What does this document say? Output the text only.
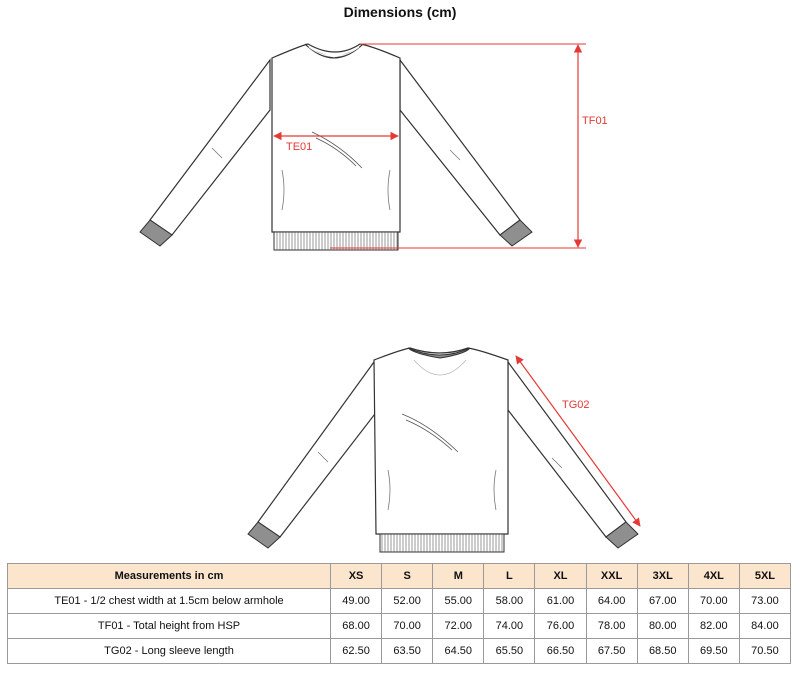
Dimensions (cm)
TE01
TF01
TG02
Measurements in cm	XS	S	M	L	XL	XXL	3XL	4XL	5XL
TE01 - 1/2 chest width at 1.5cm below armhole	49.00	52.00	55.00	58.00	61.00	64.00	67.00	70.00	73.00
TF01 - Total height from HSP	68.00	70.00	72.00	74.00	76.00	78.00	80.00	82.00	84.00
TG02 - Long sleeve length	62.50	63.50	64.50	65.50	66.50	67.50	68.50	69.50	70.50
